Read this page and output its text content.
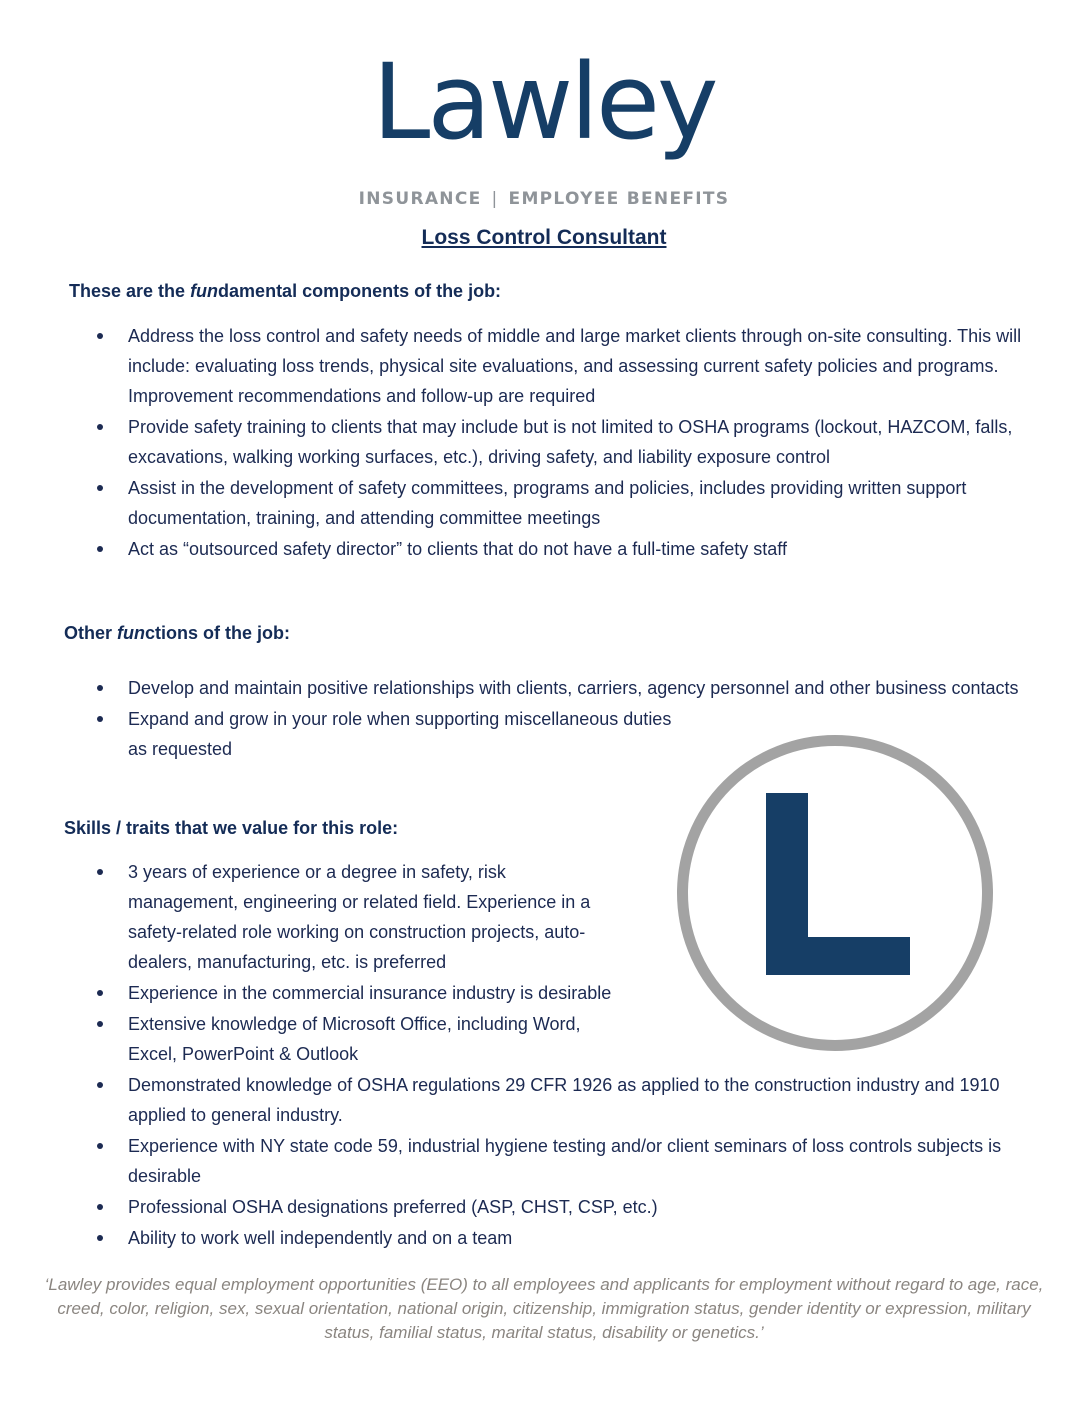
Lawley
INSURANCE | EMPLOYEE BENEFITS
Loss Control Consultant
These are the fundamental components of the job:
Address the loss control and safety needs of middle and large market clients through on-site consulting. This will include: evaluating loss trends, physical site evaluations, and assessing current safety policies and programs. Improvement recommendations and follow-up are required
Provide safety training to clients that may include but is not limited to OSHA programs (lockout, HAZCOM, falls, excavations, walking working surfaces, etc.), driving safety, and liability exposure control
Assist in the development of safety committees, programs and policies, includes providing written support documentation, training, and attending committee meetings
Act as “outsourced safety director” to clients that do not have a full-time safety staff
Other functions of the job:
Develop and maintain positive relationships with clients, carriers, agency personnel and other business contacts
Expand and grow in your role when supporting miscellaneous duties as requested
Skills / traits that we value for this role:
3 years of experience or a degree in safety, risk management, engineering or related field. Experience in a safety-related role working on construction projects, auto-dealers, manufacturing, etc. is preferred
Experience in the commercial insurance industry is desirable
Extensive knowledge of Microsoft Office, including Word, Excel, PowerPoint & Outlook
Demonstrated knowledge of OSHA regulations 29 CFR 1926 as applied to the construction industry and 1910 applied to general industry.
Experience with NY state code 59, industrial hygiene testing and/or client seminars of loss controls subjects is desirable
Professional OSHA designations preferred (ASP, CHST, CSP, etc.)
Ability to work well independently and on a team
‘Lawley provides equal employment opportunities (EEO) to all employees and applicants for employment without regard to age, race, creed, color, religion, sex, sexual orientation, national origin, citizenship, immigration status, gender identity or expression, military status, familial status, marital status, disability or genetics.’
